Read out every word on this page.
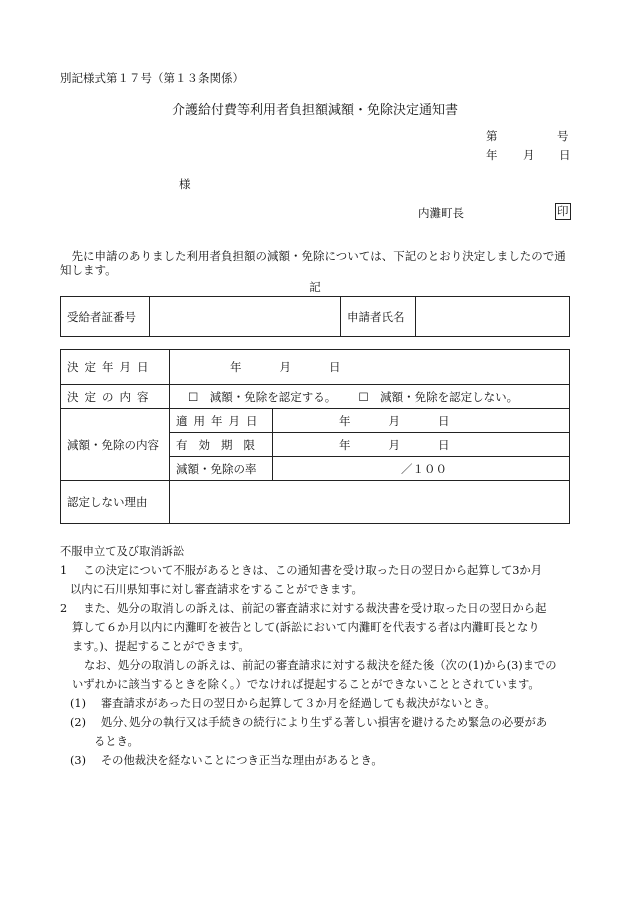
別記様式第１７号（第１３条関係）
介護給付費等利用者負担額減額・免除決定通知書
第	号
年 月 日
様
内灘町長	印
先に申請のありました利用者負担額の減額・免除については、下記のとおり決定しましたので通知します。
記
受給者証番号		申請者氏名	
決定年月日	年 月 日	
決定の内容	☐　減額・免除を認定する。 ☐　減額・免除を認定しない。	
減額・免除の内容	適用年月日	年 月 日
	有効期限	年 月 日
	減額・免除の率	／１００
認定しない理由		

不服申立て及び取消訴訟

1 この決定について不服があるときは、この通知書を受け取った日の翌日から起算して3か月

以内に石川県知事に対し審査請求をすることができます。

2 また、処分の取消しの訴えは、前記の審査請求に対する裁決書を受け取った日の翌日から起

算して６か月以内に内灘町を被告として(訴訟において内灘町を代表する者は内灘町長となり

ます。)、提起することができます。

なお、処分の取消しの訴えは、前記の審査請求に対する裁決を経た後（次の(1)から(3)までの

いずれかに該当するときを除く。）でなければ提起することができないこととされています。

(1)　 審査請求があった日の翌日から起算して３か月を経過しても裁決がないとき。

(2)　 処分､処分の執行又は手続きの続行により生ずる著しい損害を避けるため緊急の必要があ

るとき。

(3)　 その他裁決を経ないことにつき正当な理由があるとき。
